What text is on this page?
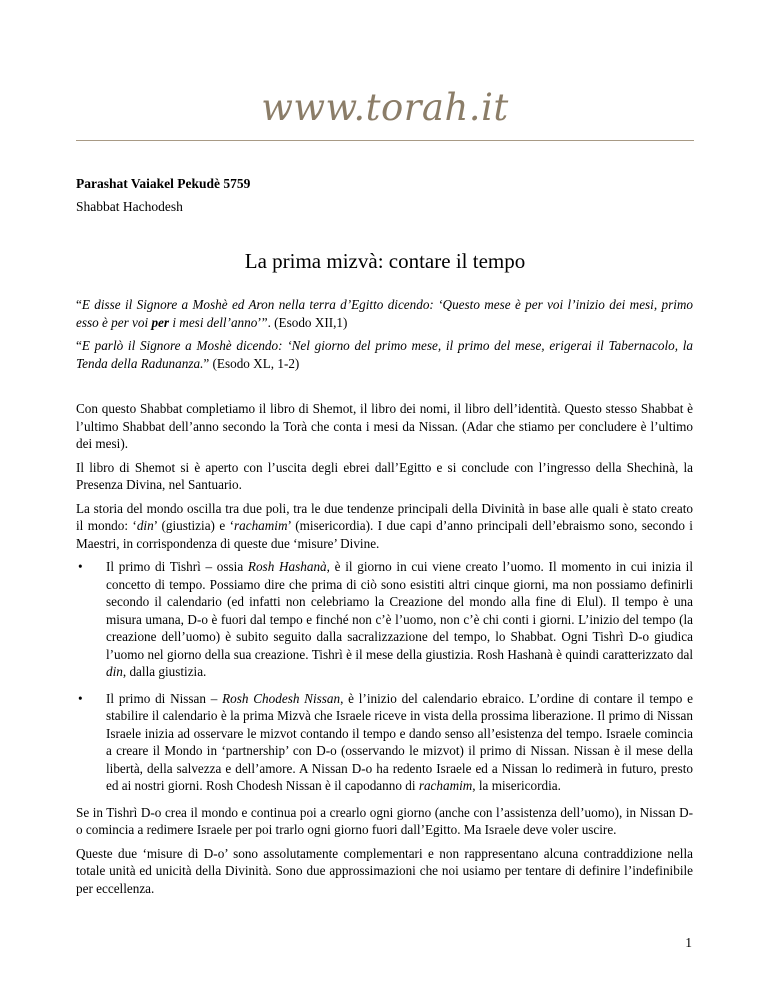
www.torah.it
Parashat Vaiakel Pekudè 5759
Shabbat Hachodesh
La prima mizvà: contare il tempo

“E disse il Signore a Moshè ed Aron nella terra d’Egitto dicendo: ‘Questo mese è per voi l’inizio dei mesi, primo esso è per voi per i mesi dell’anno’”. (Esodo XII,1)

“E parlò il Signore a Moshè dicendo: ‘Nel giorno del primo mese, il primo del mese, erigerai il Tabernacolo, la Tenda della Radunanza.” (Esodo XL, 1-2)

Con questo Shabbat completiamo il libro di Shemot, il libro dei nomi, il libro dell’identità. Questo stesso Shabbat è l’ultimo Shabbat dell’anno secondo la Torà che conta i mesi da Nissan. (Adar che stiamo per concludere è l’ultimo dei mesi).

Il libro di Shemot si è aperto con l’uscita degli ebrei dall’Egitto e si conclude con l’ingresso della Shechinà, la Presenza Divina, nel Santuario.

La storia del mondo oscilla tra due poli, tra le due tendenze principali della Divinità in base alle quali è stato creato il mondo: ‘din’ (giustizia) e ‘rachamim’ (misericordia). I due capi d’anno principali dell’ebraismo sono, secondo i Maestri, in corrispondenza di queste due ‘misure’ Divine.

• Il primo di Tishrì – ossia Rosh Hashanà, è il giorno in cui viene creato l’uomo. Il momento in cui inizia il concetto di tempo. Possiamo dire che prima di ciò sono esistiti altri cinque giorni, ma non possiamo definirli secondo il calendario (ed infatti non celebriamo la Creazione del mondo alla fine di Elul). Il tempo è una misura umana, D-o è fuori dal tempo e finché non c’è l’uomo, non c’è chi conti i giorni. L’inizio del tempo (la creazione dell’uomo) è subito seguito dalla sacralizzazione del tempo, lo Shabbat. Ogni Tishrì D-o giudica l’uomo nel giorno della sua creazione. Tishrì è il mese della giustizia. Rosh Hashanà è quindi caratterizzato dal din, dalla giustizia.
• Il primo di Nissan – Rosh Chodesh Nissan, è l’inizio del calendario ebraico. L’ordine di contare il tempo e stabilire il calendario è la prima Mizvà che Israele riceve in vista della prossima liberazione. Il primo di Nissan Israele inizia ad osservare le mizvot contando il tempo e dando senso all’esistenza del tempo. Israele comincia a creare il Mondo in ‘partnership’ con D-o (osservando le mizvot) il primo di Nissan. Nissan è il mese della libertà, della salvezza e dell’amore. A Nissan D-o ha redento Israele ed a Nissan lo redimerà in futuro, presto ed ai nostri giorni. Rosh Chodesh Nissan è il capodanno di rachamim, la misericordia.

Se in Tishrì D-o crea il mondo e continua poi a crearlo ogni giorno (anche con l’assistenza dell’uomo), in Nissan D-o comincia a redimere Israele per poi trarlo ogni giorno fuori dall’Egitto. Ma Israele deve voler uscire.

Queste due ‘misure di D-o’ sono assolutamente complementari e non rappresentano alcuna contraddizione nella totale unità ed unicità della Divinità. Sono due approssimazioni che noi usiamo per tentare di definire l’indefinibile per eccellenza.

1
